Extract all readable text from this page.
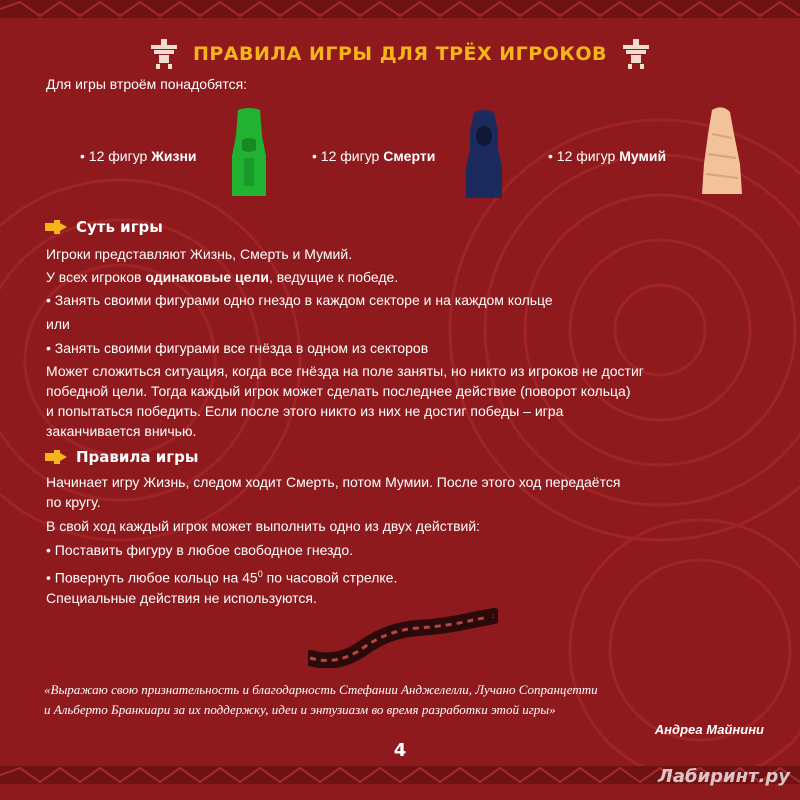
ПРАВИЛА ИГРЫ ДЛЯ ТРЁХ ИГРОКОВ
Для игры втроём понадобятся:
• 12 фигур Жизни	• 12 фигур Смерти	• 12 фигур Мумий
Суть игры
Игроки представляют Жизнь, Смерть и Мумий.
У всех игроков одинаковые цели, ведущие к победе.
• Занять своими фигурами одно гнездо в каждом секторе и на каждом кольце
или
• Занять своими фигурами все гнёзда в одном из секторов
Может сложиться ситуация, когда все гнёзда на поле заняты, но никто из игроков не достиг
победной цели. Тогда каждый игрок может сделать последнее действие (поворот кольца)
и попытаться победить. Если после этого никто из них не достиг победы – игра
заканчивается вничью.
Правила игры
Начинает игру Жизнь, следом ходит Смерть, потом Мумии. После этого ход передаётся
по кругу.
В свой ход каждый игрок может выполнить одно из двух действий:
• Поставить фигуру в любое свободное гнездо.
• Повернуть любое кольцо на $45^0$ по часовой стрелке.
Специальные действия не используются.
«Выражаю свою признательность и благодарность Стефании Анджелелли, Лучано Сопранцетти
и Альберто Бранкиари за их поддержку, идеи и энтузиазм во время разработки этой игры»
Андреа Майнини
4
Лабиринт.ру
